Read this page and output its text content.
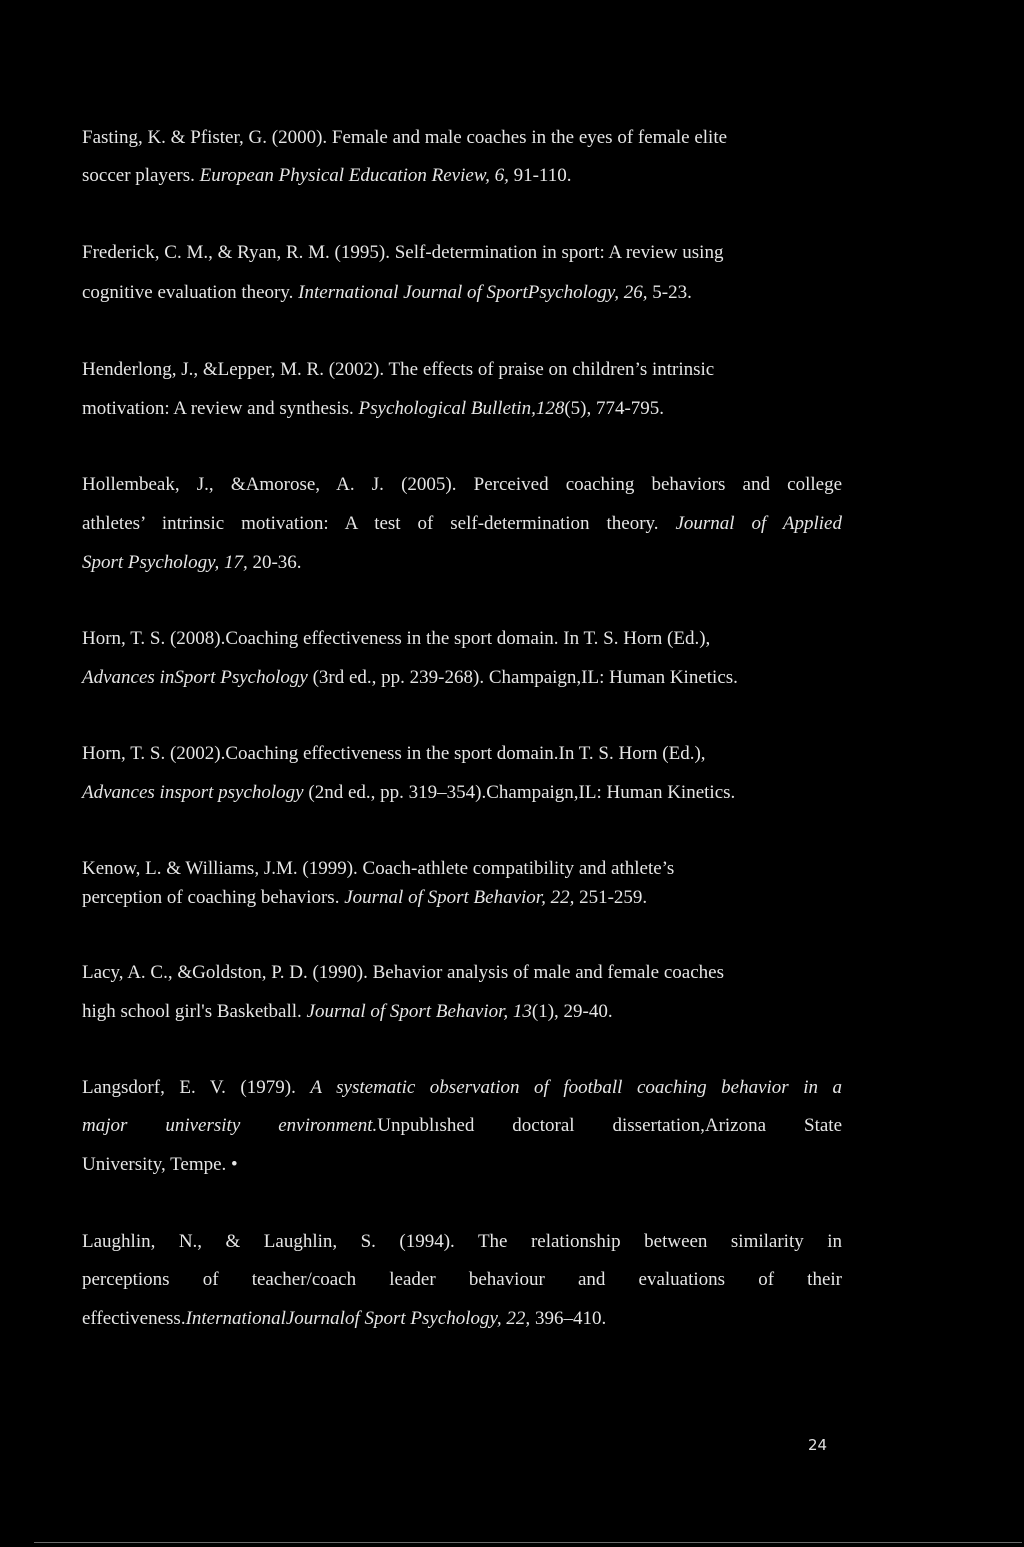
Fasting, K. & Pfister, G. (2000). Female and male coaches in the eyes of female elite
soccer players. European Physical Education Review, 6, 91-110.
Frederick, C. M., & Ryan, R. M. (1995). Self-determination in sport: A review using
cognitive evaluation theory. International Journal of SportPsychology, 26, 5-23.
Henderlong, J., &Lepper, M. R. (2002). The effects of praise on children’s intrinsic
motivation: A review and synthesis. Psychological Bulletin,128(5), 774-795.
Hollembeak, J., &Amorose, A. J. (2005). Perceived coaching behaviors and college
athletes’ intrinsic motivation: A test of self-determination theory. Journal of Applied
Sport Psychology, 17, 20-36.
Horn, T. S. (2008).Coaching effectiveness in the sport domain. In T. S. Horn (Ed.),
Advances inSport Psychology (3rd ed., pp. 239-268). Champaign,IL: Human Kinetics.
Horn, T. S. (2002).Coaching effectiveness in the sport domain.In T. S. Horn (Ed.),
Advances insport psychology (2nd ed., pp. 319–354).Champaign,IL: Human Kinetics.
Kenow, L. & Williams, J.M. (1999). Coach-athlete compatibility and athlete’s
perception of coaching behaviors. Journal of Sport Behavior, 22, 251-259.
Lacy, A. C., &Goldston, P. D. (1990). Behavior analysis of male and female coaches
high school girl's Basketball. Journal of Sport Behavior, 13(1), 29-40.
Langsdorf, E. V. (1979). A systematic observation of football coaching behavior in a
major university environment.Unpublıshed doctoral dissertation,Arizona State
University, Tempe. •
Laughlin, N., & Laughlin, S. (1994). The relationship between similarity in
perceptions of teacher/coach leader behaviour and evaluations of their
effectiveness.InternationalJournalof Sport Psychology, 22, 396–410.
24
